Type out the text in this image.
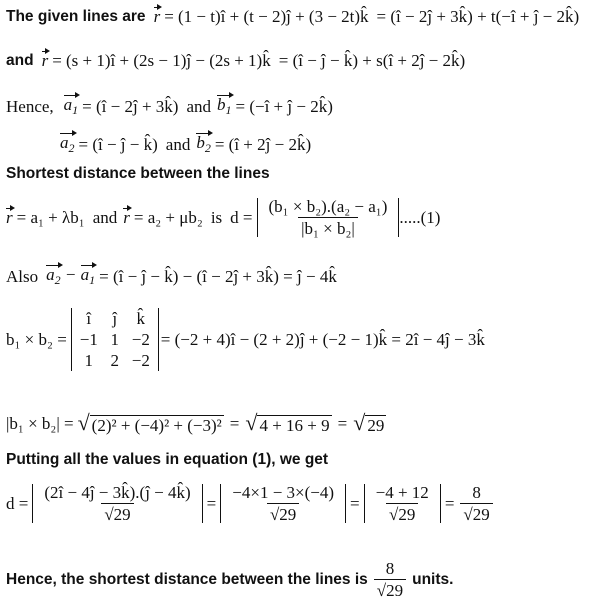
The given lines are r = (1 − t)î + (t − 2)ĵ + (3 − 2t)k̂ = (î − 2ĵ + 3k̂) + t(−î + ĵ − 2k̂)
and r = (s + 1)î + (2s − 1)ĵ − (2s + 1)k̂ = (î − ĵ − k̂) + s(î + 2ĵ − 2k̂)
Hence, $a_1$ = (î − 2ĵ + 3k̂) and $b_1$ = (−î + ĵ − 2k̂)
$a_2$ = (î − ĵ − k̂) and $b_2$ = (î + 2ĵ − 2k̂)
Shortest distance between the lines
r = a₁ + λb₁ and r = a₂ + μb₂ is $d = \frac{\text{(b₁ × b₂).(a₂ − a₁)}}{\text{|b₁ × b₂|}} .....(1)$
Also $a_2 - a_1$ = (î − ĵ − k̂) − (î − 2ĵ + 3k̂) = ĵ − 4k̂
b₁ × b₂ =
î	ĵ	k̂
−1 1 −2
1	2 −2
= (−2 + 4)î − (2 + 2)ĵ + (−2 − 1)k̂ = 2î − 4ĵ − 3k̂
|b₁ × b₂| = √ (2)² + (−4)² + (−3)² = √ 4 + 16 + 9 = √ 29
Putting all the values in equation (1), we get
$d = \frac{(2î - 4ĵ - 3k̂).(ĵ - 4k̂)}{√29} = \frac{-4\times 1 - 3\times(-4)}{√29} = \frac{-4 + 12}{√29} = \frac{8}{√29}$
Hence, the shortest distance between the lines is $\frac{8}{√29}$ units.
